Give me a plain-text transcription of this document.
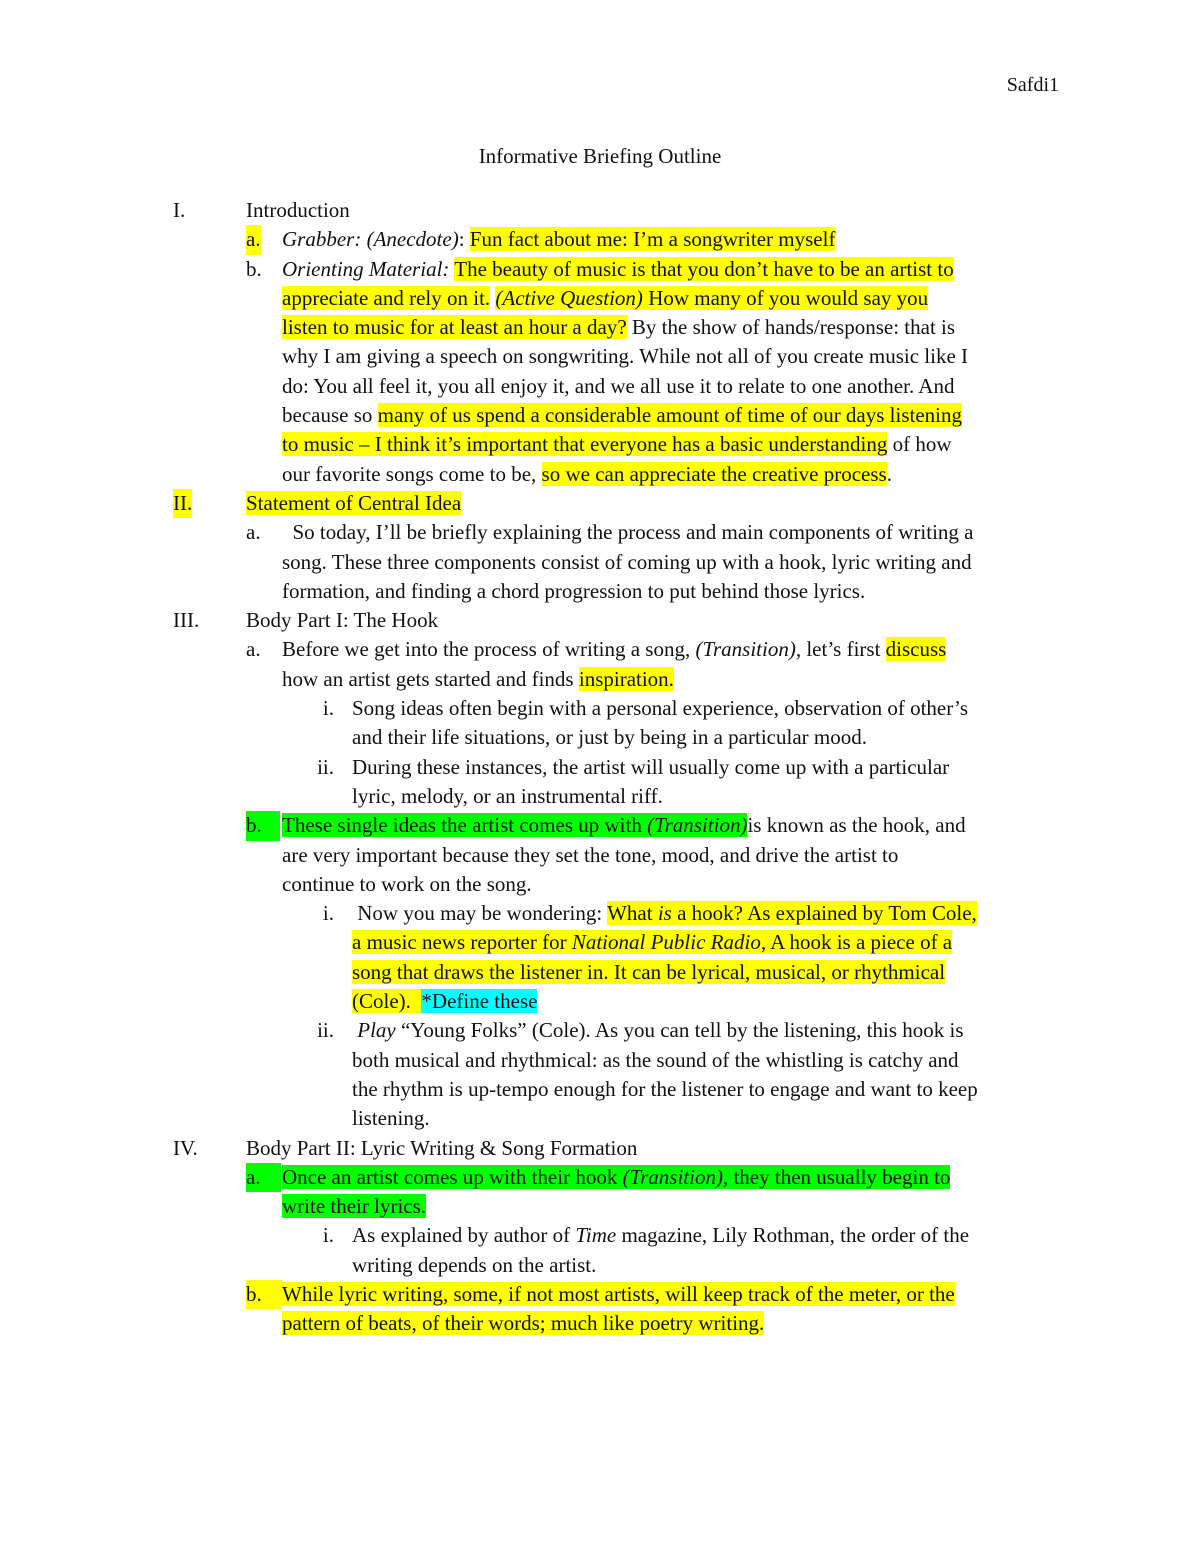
Safdi1
Informative Briefing Outline
I.	Introduction
a.	Grabber: (Anecdote): Fun fact about me: I’m a songwriter myself
b. Orienting Material: The beauty of music is that you don’t have to be an artist to
appreciate and rely on it. (Active Question) How many of you would say you
listen to music for at least an hour a day? By the show of hands/response: that is
why I am giving a speech on songwriting. While not all of you create music like I
do: You all feel it, you all enjoy it, and we all use it to relate to one another. And
because so many of us spend a considerable amount of time of our days listening
to music – I think it’s important that everyone has a basic understanding of how
our favorite songs come to be, so we can appreciate the creative process.
II.	Statement of Central Idea
a.	So today, I’ll be briefly explaining the process and main components of writing a
song. These three components consist of coming up with a hook, lyric writing and
formation, and finding a chord progression to put behind those lyrics.
III.	Body Part I: The Hook
a.	Before we get into the process of writing a song, (Transition), let’s first discuss
how an artist gets started and finds inspiration.
i. Song ideas often begin with a personal experience, observation of other’s
and their life situations, or just by being in a particular mood.
ii. During these instances, the artist will usually come up with a particular
lyric, melody, or an instrumental riff.
b. These single ideas the artist comes up with (Transition)is known as the hook, and
are very important because they set the tone, mood, and drive the artist to
continue to work on the song.
i. Now you may be wondering: What is a hook? As explained by Tom Cole,
a music news reporter for National Public Radio, A hook is a piece of a
song that draws the listener in. It can be lyrical, musical, or rhythmical
(Cole). *Define these
ii.	Play “Young Folks” (Cole). As you can tell by the listening, this hook is
both musical and rhythmical: as the sound of the whistling is catchy and
the rhythm is up-tempo enough for the listener to engage and want to keep
listening.
IV.	Body Part II: Lyric Writing & Song Formation
a.	Once an artist comes up with their hook (Transition), they then usually begin to
write their lyrics.
i. As explained by author of Time magazine, Lily Rothman, the order of the
writing depends on the artist.
b. While lyric writing, some, if not most artists, will keep track of the meter, or the
pattern of beats, of their words; much like poetry writing.
